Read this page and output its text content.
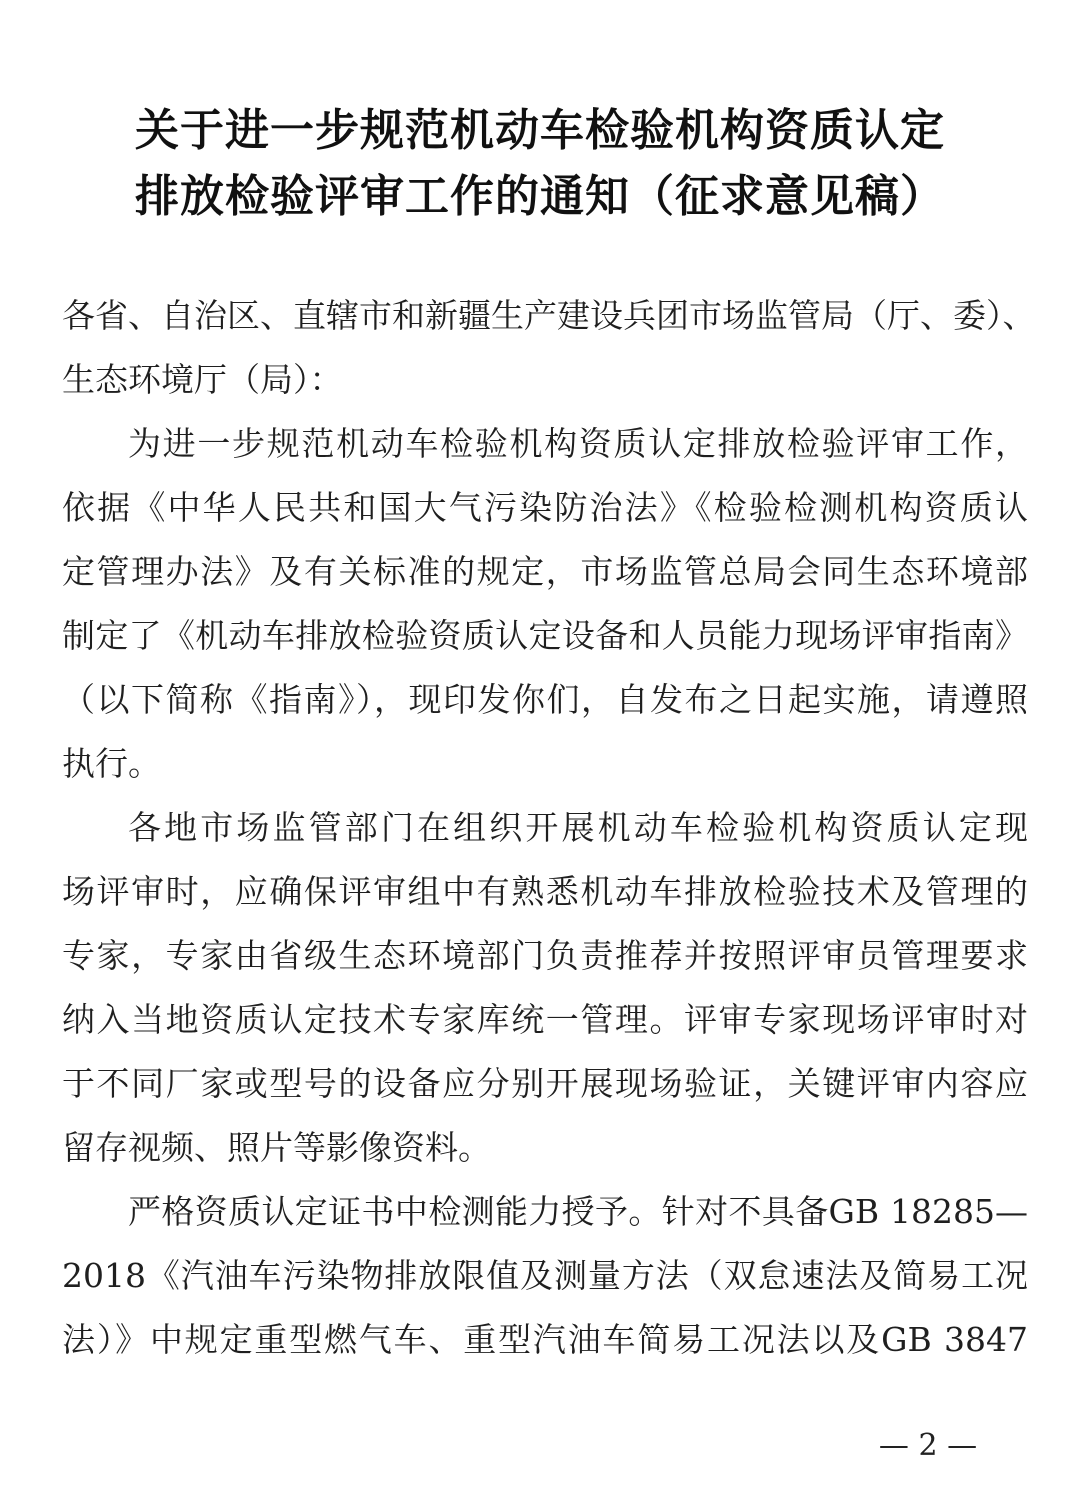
关于进一步规范机动车检验机构资质认定
排放检验评审工作的通知（征求意见稿）
各省、自治区、直辖市和新疆生产建设兵团市场监管局（厅、委）、
生态环境厅（局）：
为进一步规范机动车检验机构资质认定排放检验评审工作，
依据《中华人民共和国大气污染防治法》《检验检测机构资质认
定管理办法》及有关标准的规定，市场监管总局会同生态环境部
制定了《机动车排放检验资质认定设备和人员能力现场评审指南》
（以下简称《指南》），现印发你们，自发布之日起实施，请遵照
执行。
各地市场监管部门在组织开展机动车检验机构资质认定现
场评审时，应确保评审组中有熟悉机动车排放检验技术及管理的
专家，专家由省级生态环境部门负责推荐并按照评审员管理要求
纳入当地资质认定技术专家库统一管理。评审专家现场评审时对
于不同厂家或型号的设备应分别开展现场验证，关键评审内容应
留存视频、照片等影像资料。
严格资质认定证书中检测能力授予。针对不具备GB 18285—
2018《汽油车污染物排放限值及测量方法（双怠速法及简易工况
法）》中规定重型燃气车、重型汽油车简易工况法以及GB 3847
— 2 —
